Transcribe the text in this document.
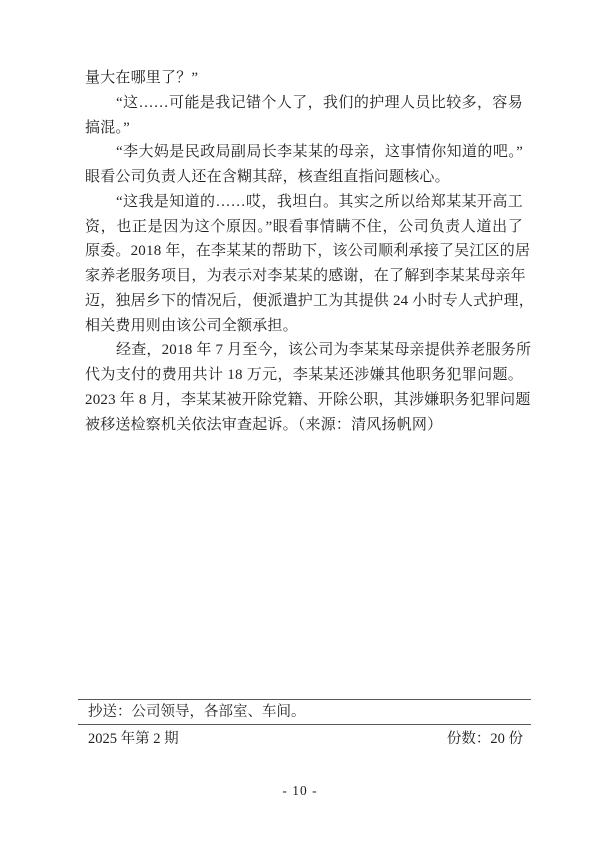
量大在哪里了？”
“这……可能是我记错个人了，我们的护理人员比较多，容易
搞混。”
“李大妈是民政局副局长李某某的母亲，这事情你知道的吧。”
眼看公司负责人还在含糊其辞，核查组直指问题核心。
“这我是知道的……哎，我坦白。其实之所以给郑某某开高工
资，也正是因为这个原因。”眼看事情瞒不住，公司负责人道出了
原委。2018 年，在李某某的帮助下，该公司顺利承接了吴江区的居
家养老服务项目，为表示对李某某的感谢，在了解到李某某母亲年
迈，独居乡下的情况后，便派遣护工为其提供 24 小时专人式护理，
相关费用则由该公司全额承担。
经查，2018 年 7 月至今，该公司为李某某母亲提供养老服务所
代为支付的费用共计 18 万元，李某某还涉嫌其他职务犯罪问题。
2023 年 8 月，李某某被开除党籍、开除公职，其涉嫌职务犯罪问题
被移送检察机关依法审查起诉。（来源：清风扬帆网）
抄送：公司领导，各部室、车间。
2025 年第 2 期	份数：20 份
- 10 -
